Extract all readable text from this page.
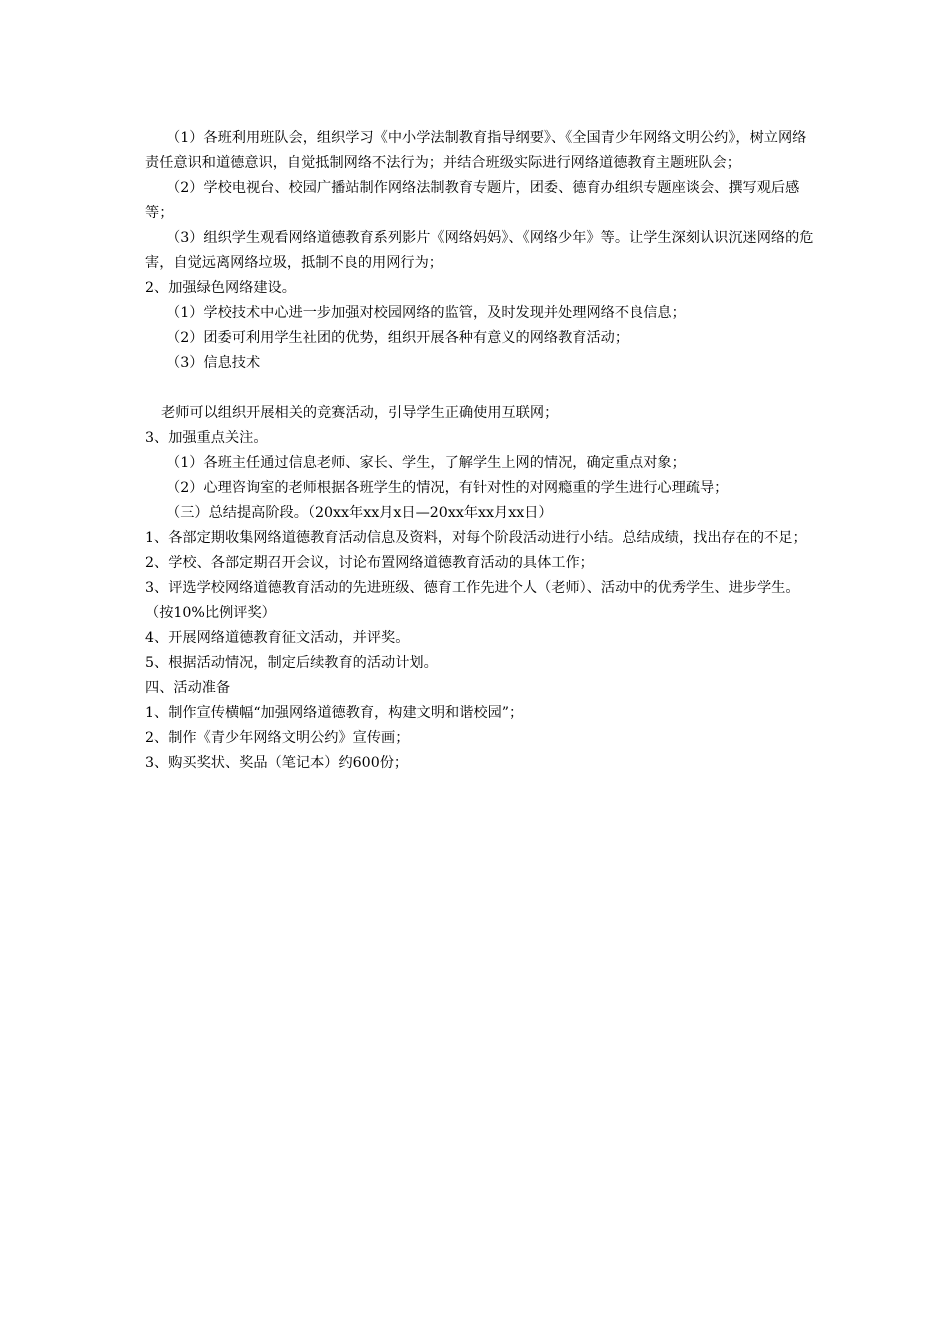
（1）各班利用班队会，组织学习《中小学法制教育指导纲要》、《全国青少年网络文明公约》，树立网络责任意识和道德意识，自觉抵制网络不法行为；并结合班级实际进行网络道德教育主题班队会；

（2）学校电视台、校园广播站制作网络法制教育专题片，团委、德育办组织专题座谈会、撰写观后感等；

（3）组织学生观看网络道德教育系列影片《网络妈妈》、《网络少年》等。让学生深刻认识沉迷网络的危害，自觉远离网络垃圾，抵制不良的用网行为；

2、加强绿色网络建设。

（1）学校技术中心进一步加强对校园网络的监管，及时发现并处理网络不良信息；

（2）团委可利用学生社团的优势，组织开展各种有意义的网络教育活动；

（3）信息技术

老师可以组织开展相关的竞赛活动，引导学生正确使用互联网；

3、加强重点关注。

（1）各班主任通过信息老师、家长、学生，了解学生上网的情况，确定重点对象；

（2）心理咨询室的老师根据各班学生的情况，有针对性的对网瘾重的学生进行心理疏导；

（三）总结提高阶段。（20xx年xx月x日—20xx年xx月xx日）

1、各部定期收集网络道德教育活动信息及资料，对每个阶段活动进行小结。总结成绩，找出存在的不足；

2、学校、各部定期召开会议，讨论布置网络道德教育活动的具体工作；

3、评选学校网络道德教育活动的先进班级、德育工作先进个人（老师）、活动中的优秀学生、进步学生。（按10%比例评奖）

4、开展网络道德教育征文活动，并评奖。

5、根据活动情况，制定后续教育的活动计划。

四、活动准备

1、制作宣传横幅“加强网络道德教育，构建文明和谐校园”；

2、制作《青少年网络文明公约》宣传画；

3、购买奖状、奖品（笔记本）约600份；
